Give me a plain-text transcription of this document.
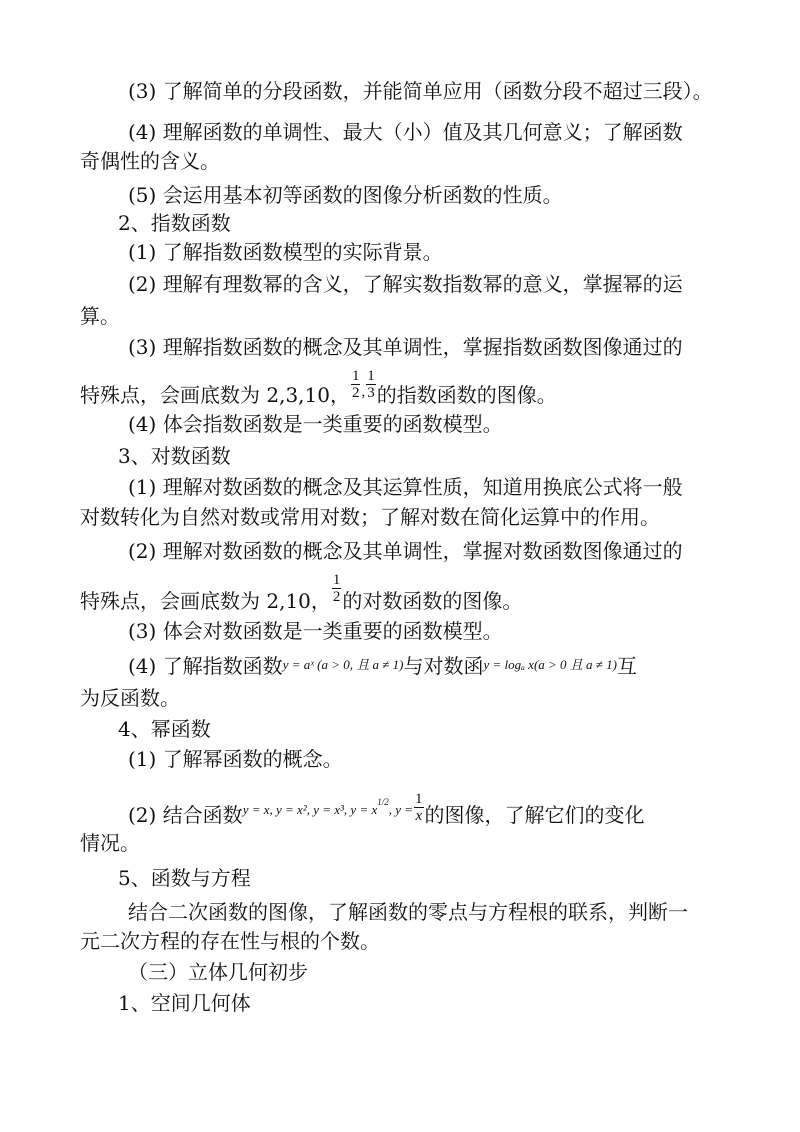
(3) 了解简单的分段函数，并能简单应用（函数分段不超过三段）。
(4) 理解函数的单调性、最大（小）值及其几何意义；了解函数
奇偶性的含义。
(5) 会运用基本初等函数的图像分析函数的性质。
2、指数函数
(1) 了解指数函数模型的实际背景。
(2) 理解有理数幂的含义，了解实数指数幂的意义，掌握幂的运
算。
(3) 理解指数函数的概念及其单调性，掌握指数函数图像通过的
特殊点，会画底数为 2,3,10， $\frac{1}{2} ^, \frac{1}{3}$ 的指数函数的图像。
(4) 体会指数函数是一类重要的函数模型。
3、对数函数
(1) 理解对数函数的概念及其运算性质，知道用换底公式将一般
对数转化为自然对数或常用对数；了解对数在简化运算中的作用。
(2) 理解对数函数的概念及其单调性，掌握对数函数图像通过的
特殊点，会画底数为 2,10， $\frac{1}{2}$ 的对数函数的图像。
(3) 体会对数函数是一类重要的函数模型。
(4) 了解指数函数$^{y = aˣ (a > 0, 且 a \ne 1)}$与对数函$^{y = log_a x(a > 0 且 a \ne 1)}$互
为反函数。
4、幂函数
(1) 了解幂函数的概念。
(2) 结合函数$^{y = x, y = x^2, y = x^3, y = x^{1/2}, y =} \frac{1}{x}$ 的图像，了解它们的变化
情况。
5、函数与方程
结合二次函数的图像，了解函数的零点与方程根的联系，判断一
元二次方程的存在性与根的个数。
（三）立体几何初步
1、空间几何体
